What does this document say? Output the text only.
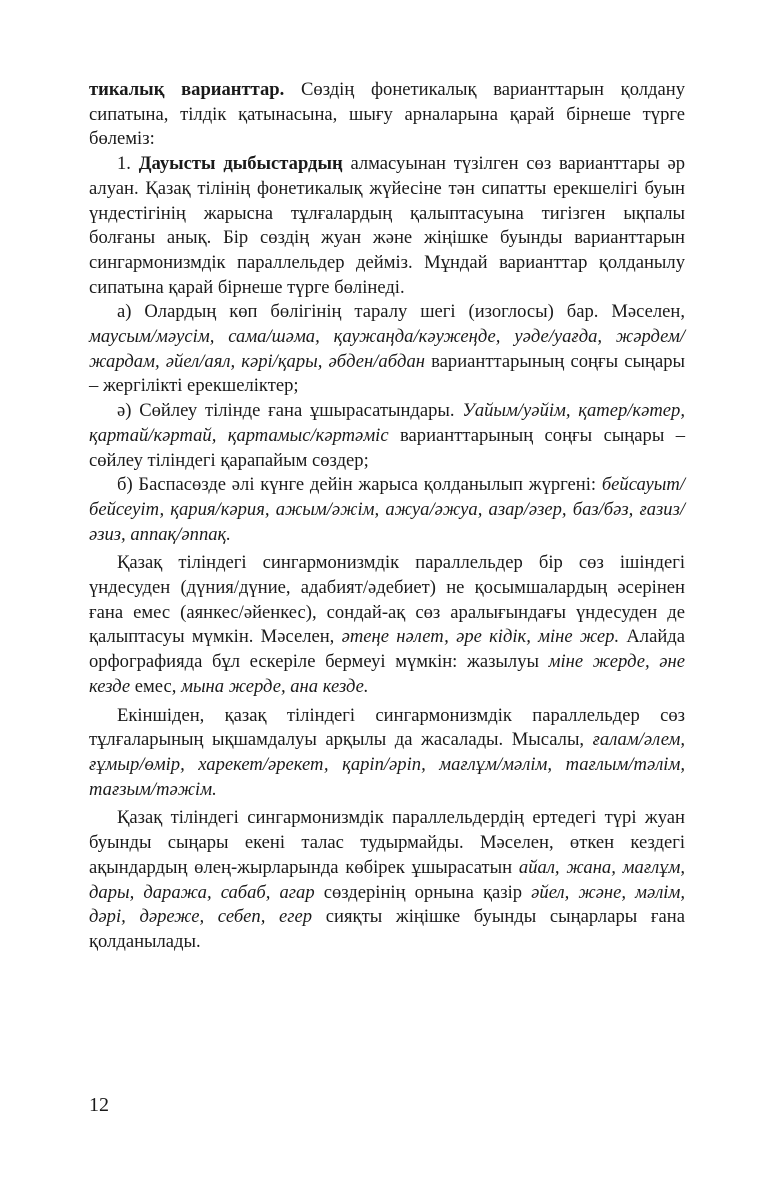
тикалық варианттар. Сөздің фонетикалық варианттарын қолдану сипатына, тілдік қатынасына, шығу арналарына қарай бірнеше түрге бөлеміз:

1. Дауысты дыбыстардың алмасуынан түзілген сөз варианттары әр алуан. Қазақ тілінің фонетикалық жүйесіне тән сипатты ерекшелігі буын үндестігінің жарысна тұлғалардың қалыптасуына тигізген ықпалы болғаны анық. Бір сөздің жуан және жіңішке буынды варианттарын сингармонизмдік параллельдер дейміз. Мұндай варианттар қолданылу сипатына қарай бірнеше түрге бөлінеді.

а) Олардың көп бөлігінің таралу шегі (изоглосы) бар. Мәселен, маусым/мәусім, сама/шәма, қаужаңда/кәужеңде, уәде/уағда, жәрдем/ жардам, әйел/аял, кәрі/қары, әбден/абдан варианттарының соңғы сыңары – жергілікті ерекшеліктер;

ә) Сөйлеу тілінде ғана ұшырасатындары. Уайым/уәйім, қатер/кәтер, қартай/кәртай, қартамыс/кәртәміс варианттарының соңғы сыңары – сөйлеу тіліндегі қарапайым сөздер;

б) Баспасөзде әлі күнге дейін жарыса қолданылып жүргені: бейсауыт/бейсеуіт, қария/кәрия, ажым/әжім, ажуа/әжуа, азар/әзер, баз/бәз, ғазиз/әзиз, аппақ/әппақ.

Қазақ тіліндегі сингармонизмдік параллельдер бір сөз ішіндегі үндесуден (дүния/дүние, адабият/әдебиет) не қосымшалардың әсерінен ғана емес (аянкес/әйенкес), сондай-ақ сөз аралығындағы үндесуден де қалыптасуы мүмкін. Мәселен, әтеңе нәлет, әре кідік, міне жер. Алайда орфографияда бұл ескеріле бермеуі мүмкін: жазылуы міне жерде, әне кезде емес, мына жерде, ана кезде.

Екіншіден, қазақ тіліндегі сингармонизмдік параллельдер сөз тұлғаларының ықшамдалуы арқылы да жасалады. Мысалы, ғалам/әлем, ғұмыр/өмір, харекет/әрекет, қаріп/әріп, мағлұм/мәлім, тағлым/тәлім, тағзым/тәжім.

Қазақ тіліндегі сингармонизмдік параллельдердің ертедегі түрі жуан буынды сыңары екені талас тудырмайды. Мәселен, өткен кездегі ақындардың өлең-жырларында көбірек ұшырасатын айал, жана, мағлұм, дары, даража, сабаб, агар сөздерінің орнына қазір әйел, және, мәлім, дәрі, дәреже, себеп, егер сияқты жіңішке буынды сыңарлары ғана қолданылады.

12
